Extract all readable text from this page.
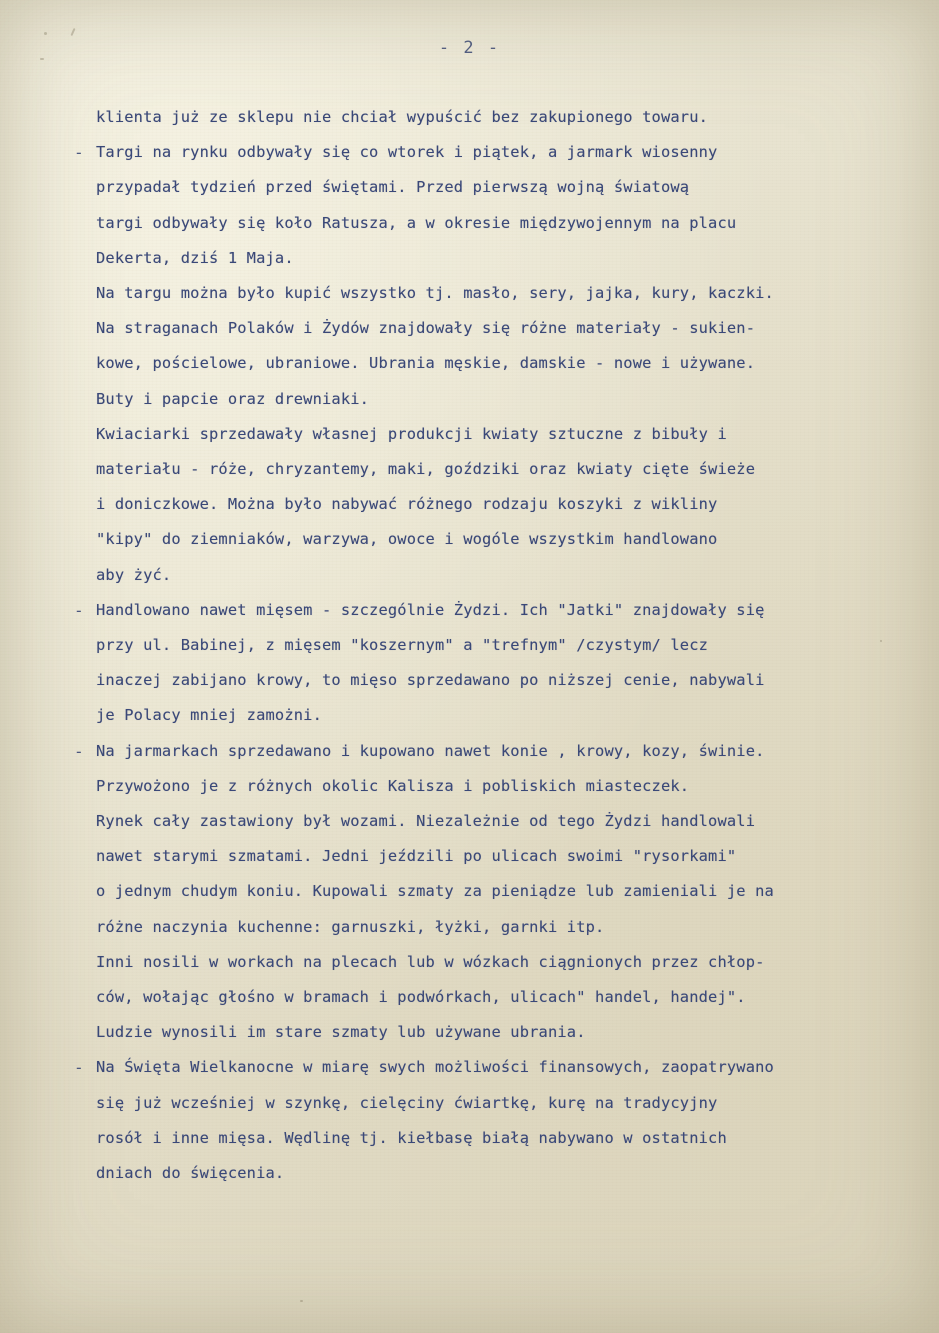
- 2 -
klienta już ze sklepu nie chciał wypuścić bez zakupionego towaru.
- Targi na rynku odbywały się co wtorek i piątek, a jarmark wiosenny
przypadał tydzień przed świętami. Przed pierwszą wojną światową
targi odbywały się koło Ratusza, a w okresie międzywojennym na placu
Dekerta, dziś 1 Maja.
Na targu można było kupić wszystko tj. masło, sery, jajka, kury, kaczki.
Na straganach Polaków i Żydów znajdowały się różne materiały - sukien-
kowe, pościelowe, ubraniowe. Ubrania męskie, damskie - nowe i używane.
Buty i papcie oraz drewniaki.
Kwiaciarki sprzedawały własnej produkcji kwiaty sztuczne z bibuły i
materiału - róże, chryzantemy, maki, goździki oraz kwiaty cięte świeże
i doniczkowe. Można było nabywać różnego rodzaju koszyki z wikliny
"kipy" do ziemniaków, warzywa, owoce i wogóle wszystkim handlowano
aby żyć.
- Handlowano nawet mięsem - szczególnie Żydzi. Ich "Jatki" znajdowały się
przy ul. Babinej, z mięsem "koszernym" a "trefnym" /czystym/ lecz
inaczej zabijano krowy, to mięso sprzedawano po niższej cenie, nabywali
je Polacy mniej zamożni.
- Na jarmarkach sprzedawano i kupowano nawet konie , krowy, kozy, świnie.
Przywożono je z różnych okolic Kalisza i pobliskich miasteczek.
Rynek cały zastawiony był wozami. Niezależnie od tego Żydzi handlowali
nawet starymi szmatami. Jedni jeździli po ulicach swoimi "rysorkami"
o jednym chudym koniu. Kupowali szmaty za pieniądze lub zamieniali je na
różne naczynia kuchenne: garnuszki, łyżki, garnki itp.
Inni nosili w workach na plecach lub w wózkach ciągnionych przez chłop-
ców, wołając głośno w bramach i podwórkach, ulicach" handel, handej".
Ludzie wynosili im stare szmaty lub używane ubrania.
- Na Święta Wielkanocne w miarę swych możliwości finansowych, zaopatrywano
się już wcześniej w szynkę, cielęciny ćwiartkę, kurę na tradycyjny
rosół i inne mięsa. Wędlinę tj. kiełbasę białą nabywano w ostatnich
dniach do święcenia.
